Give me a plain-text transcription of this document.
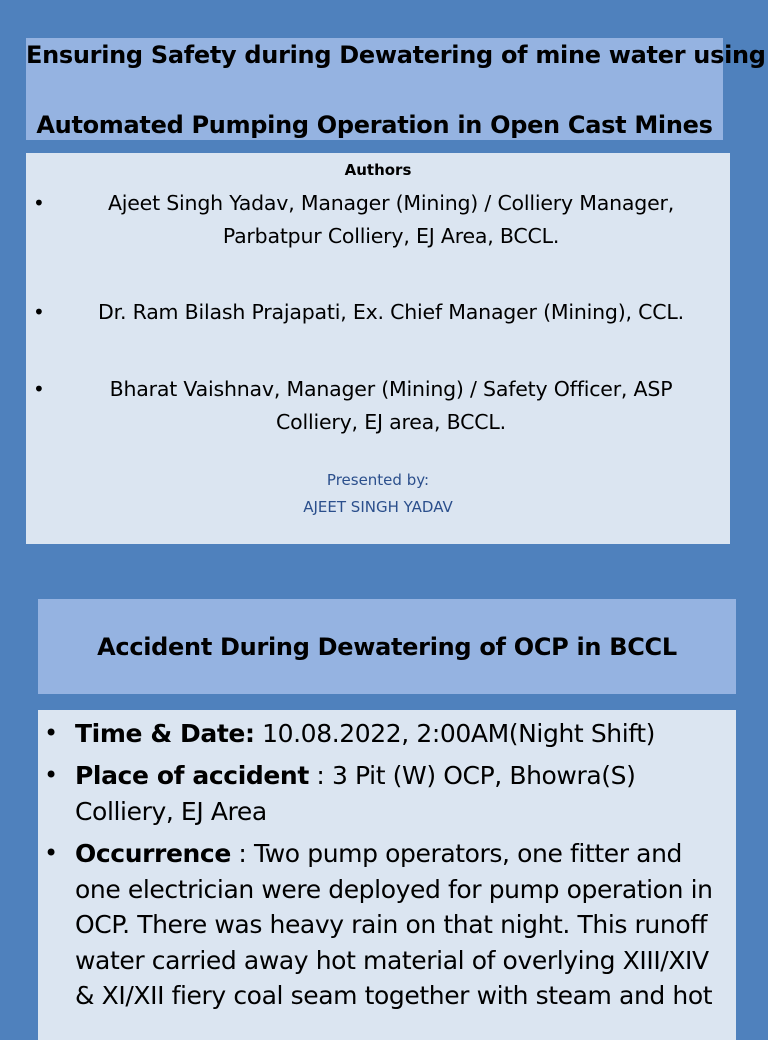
Ensuring Safety during Dewatering of mine water using
Automated Pumping Operation in Open Cast Mines
Authors
•	Ajeet Singh Yadav, Manager (Mining) / Colliery Manager, Parbatpur Colliery, EJ Area, BCCL.
•	Dr. Ram Bilash Prajapati, Ex. Chief Manager (Mining), CCL.
•	Bharat Vaishnav, Manager (Mining) / Safety Officer, ASP Colliery, EJ area, BCCL.
Presented by:
AJEET SINGH YADAV
Accident During Dewatering of OCP in BCCL
• Time & Date: 10.08.2022, 2:00AM(Night Shift)
• Place of accident : 3 Pit (W) OCP, Bhowra(S) Colliery, EJ Area
• Occurrence : Two pump operators, one fitter and one electrician were deployed for pump operation in OCP. There was heavy rain on that night. This runoff water carried away hot material of overlying XIII/XIV & XI/XII fiery coal seam together with steam and hot
